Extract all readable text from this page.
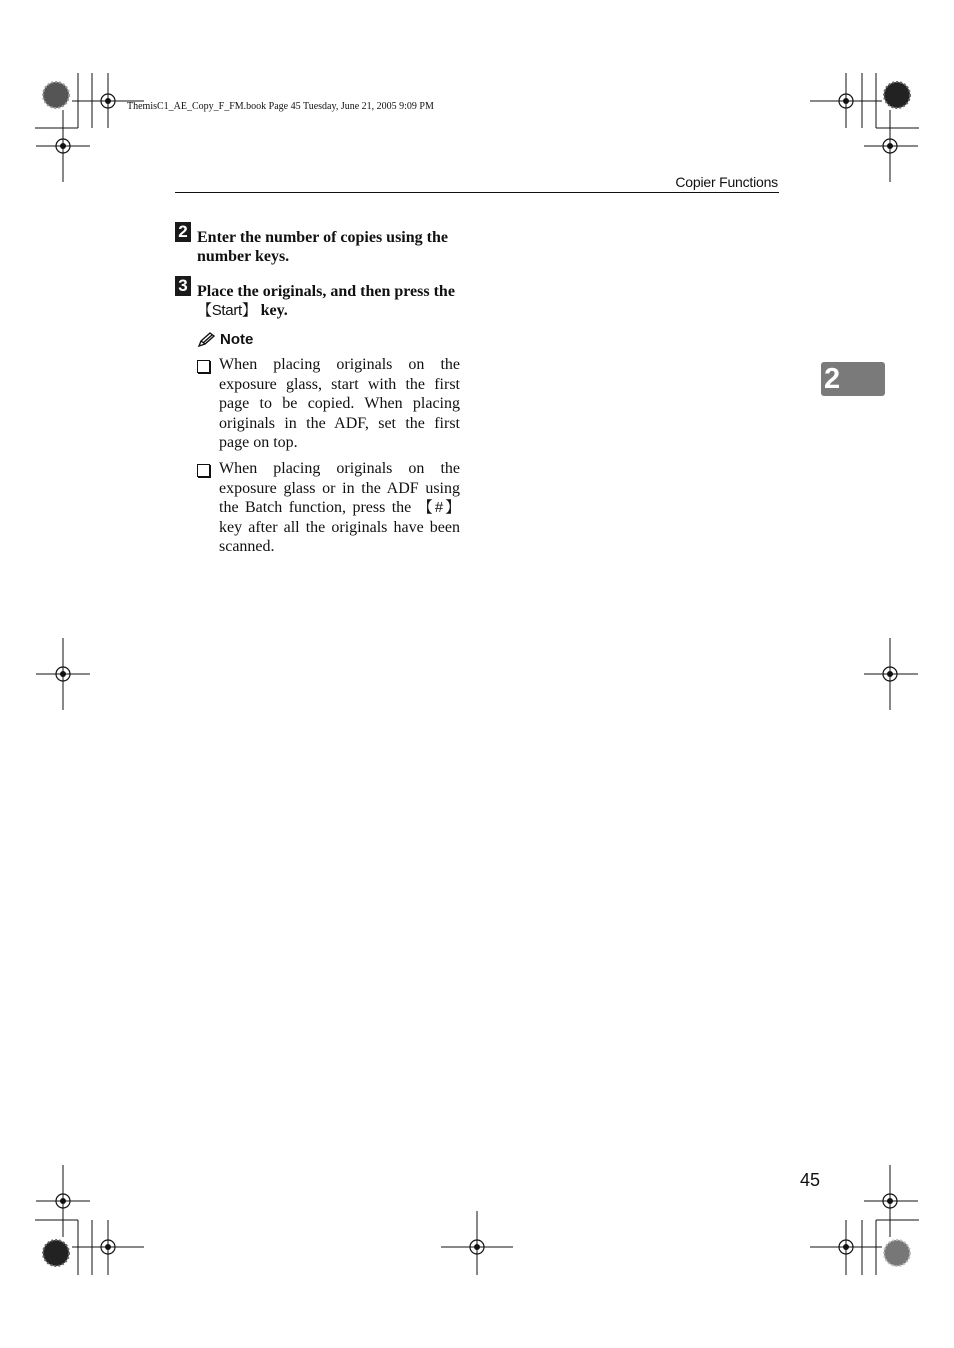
ThemisC1_AE_Copy_F_FM.book Page 45 Tuesday, June 21, 2005 9:09 PM
Copier Functions
2 Enter the number of copies using the number keys.
3 Place the originals, and then press the 【Start】 key.
Note
When placing originals on the exposure glass, start with the first page to be copied. When placing originals in the ADF, set the first page on top.
When placing originals on the exposure glass or in the ADF using the Batch function, press the 【#】 key after all the originals have been scanned.
2
45
